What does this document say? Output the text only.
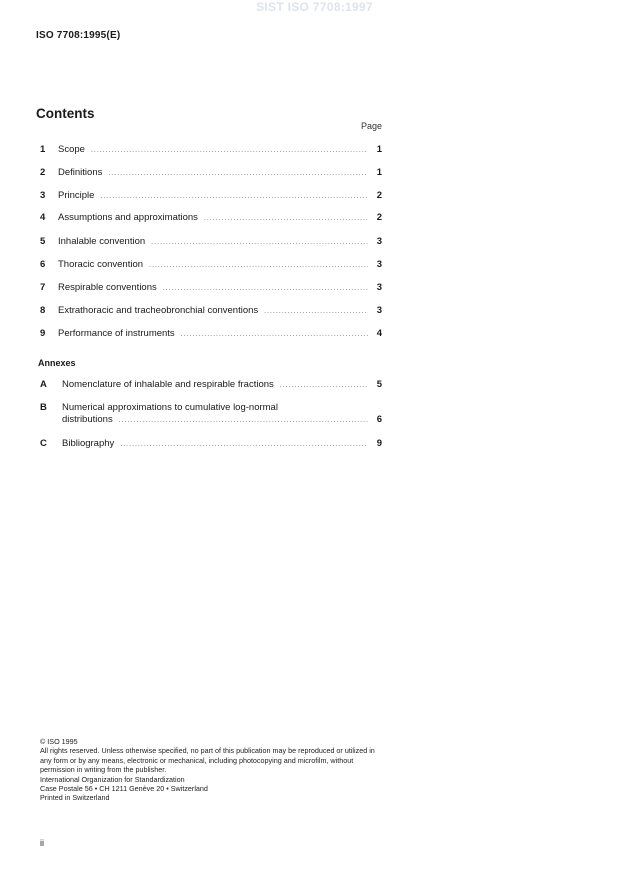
SIST ISO 7708:1997
ISO 7708:1995(E)
Contents
Page
1	Scope .....	1
2	Definitions .....	1
3	Principle .....	2
4	Assumptions and approximations .....	2
5	Inhalable convention .....	3
6	Thoracic convention .....	3
7	Respirable conventions .....	3
8	Extrathoracic and tracheobronchial conventions .....	3
9	Performance of instruments .....	4
Annexes
A	Nomenclature of inhalable and respirable fractions .....	5
B	Numerical approximations to cumulative log-normal
distributions .....	6
C	Bibliography .....	9

© ISO 1995

All rights reserved. Unless otherwise specified, no part of this publication may be reproduced or utilized in any form or by any means, electronic or mechanical, including photocopying and microfilm, without permission in writing from the publisher.

International Organization for Standardization

Case Postale 56 • CH 1211 Genève 20 • Switzerland

Printed in Switzerland

ii
